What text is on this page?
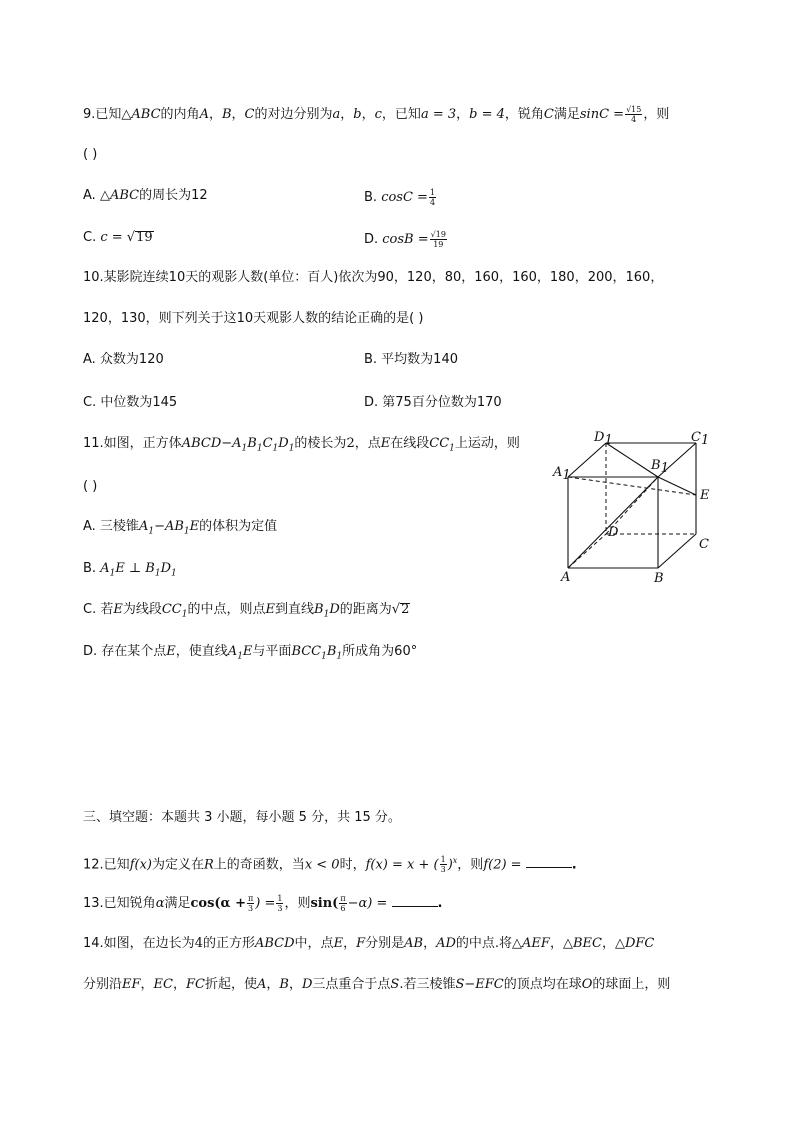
9.已知△ABC的内角A，B，C的对边分别为a，b，c，已知a = 3，b = 4，锐角C满足$\sin C = \frac{√15}{4}$ ，则
( )
A. △ABC的周长为12	B. $\cos C = \frac{1}{4}$
C. c = √19	D. $\cos B = \frac{√19}{19}$
10.某影院连续10天的观影人数(单位：百人)依次为90，120，80，160，160，180，200，160，
120，130，则下列关于这10天观影人数的结论正确的是( )
A. 众数为120	B. 平均数为140
C. 中位数为145	D. 第75百分位数为170
11.如图，正方体$ABCD-A_1B_1C_1D_1$的棱长为2，点E在线段$CC_1$上运动，则
( )
A. 三棱锥$A_1-AB_1E$的体积为定值
B. $A_1E$ ⊥ $B_1D_1$
C. 若E为线段$CC_1$的中点，则点E到直线$B_1D$的距离为√2
D. 存在某个点E，使直线$A_1E$与平面$BCC_1B_1$所成角为60°
D1	C1
A1
B1
E
D
C
A	B
三、填空题：本题共 3 小题，每小题 5 分，共 15 分。
12.已知f(x)为定义在R上的奇函数，当x < 0时，f(x) = x + ( $\frac{1}{3} )^x$，则f(2) =	.
13.已知锐角α满足$\cos(\alpha + \frac{\pi}{3}$ ) = $\frac{1}{3}$ ，则$\sin( \frac{\pi}{6} -\alpha)$ =	.
14.如图，在边长为4的正方形ABCD中，点E，F分别是AB，AD的中点.将△AEF，△BEC，△DFC
分别沿EF，EC，FC折起，使A，B，D三点重合于点S.若三棱锥S−EFC的顶点均在球O的球面上，则
